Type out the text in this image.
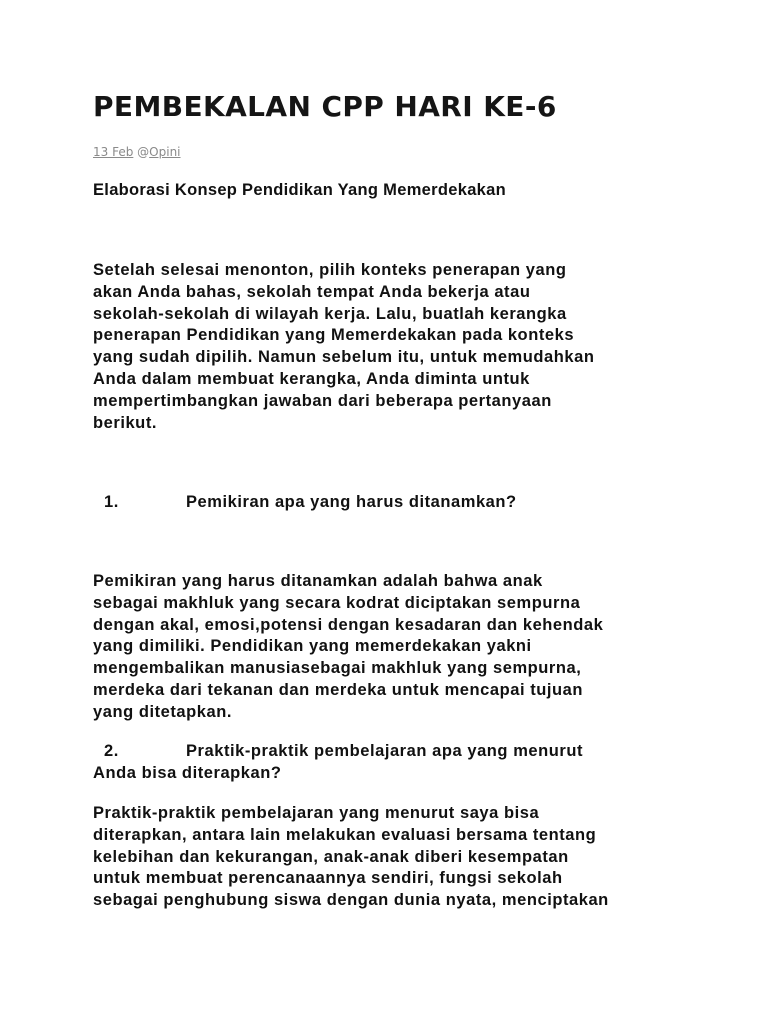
PEMBEKALAN CPP HARI KE-6
13 Feb @Opini

Elaborasi Konsep Pendidikan Yang Memerdekakan

Setelah selesai menonton, pilih konteks penerapan yang
akan Anda bahas, sekolah tempat Anda bekerja atau
sekolah-sekolah di wilayah kerja. Lalu, buatlah kerangka
penerapan Pendidikan yang Memerdekakan pada konteks
yang sudah dipilih. Namun sebelum itu, untuk memudahkan
Anda dalam membuat kerangka, Anda diminta untuk
mempertimbangkan jawaban dari beberapa pertanyaan
berikut.

1.	Pemikiran apa yang harus ditanamkan?

Pemikiran yang harus ditanamkan adalah bahwa anak
sebagai makhluk yang secara kodrat diciptakan sempurna
dengan akal, emosi,potensi dengan kesadaran dan kehendak
yang dimiliki. Pendidikan yang memerdekakan yakni
mengembalikan manusiasebagai makhluk yang sempurna,
merdeka dari tekanan dan merdeka untuk mencapai tujuan
yang ditetapkan.

2.	Praktik-praktik pembelajaran apa yang menurut
Anda bisa diterapkan?

Praktik-praktik pembelajaran yang menurut saya bisa
diterapkan, antara lain melakukan evaluasi bersama tentang
kelebihan dan kekurangan, anak-anak diberi kesempatan
untuk membuat perencanaannya sendiri, fungsi sekolah
sebagai penghubung siswa dengan dunia nyata, menciptakan
